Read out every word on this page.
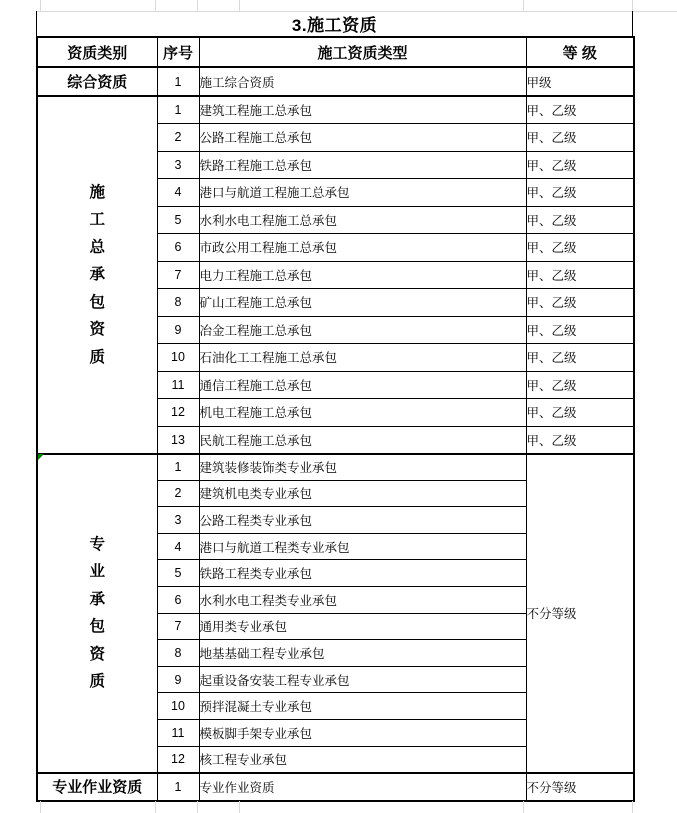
3.施工资质
资质类别	序号	施工资质类型	等 级
综合资质	1	施工综合资质	甲级

施工总承包资质	1	建筑工程施工总承包	甲、乙级
	2	公路工程施工总承包	甲、乙级
	3	铁路工程施工总承包	甲、乙级
	4	港口与航道工程施工总承包	甲、乙级
	5	水利水电工程施工总承包	甲、乙级
	6	市政公用工程施工总承包	甲、乙级
	7	电力工程施工总承包	甲、乙级
	8	矿山工程施工总承包	甲、乙级
	9	冶金工程施工总承包	甲、乙级
	10	石油化工工程施工总承包	甲、乙级
	11	通信工程施工总承包	甲、乙级
	12	机电工程施工总承包	甲、乙级
	13	民航工程施工总承包	甲、乙级

专业承包资质	1	建筑装修装饰类专业承包	不分等级
	2	建筑机电类专业承包	
	3	公路工程类专业承包	
	4	港口与航道工程类专业承包	
	5	铁路工程类专业承包	
	6	水利水电工程类专业承包	
	7	通用类专业承包	
	8	地基基础工程专业承包	
	9	起重设备安装工程专业承包	
	10	预拌混凝土专业承包	
	11	模板脚手架专业承包	
	12	核工程专业承包	
专业作业资质	1	专业作业资质	不分等级
